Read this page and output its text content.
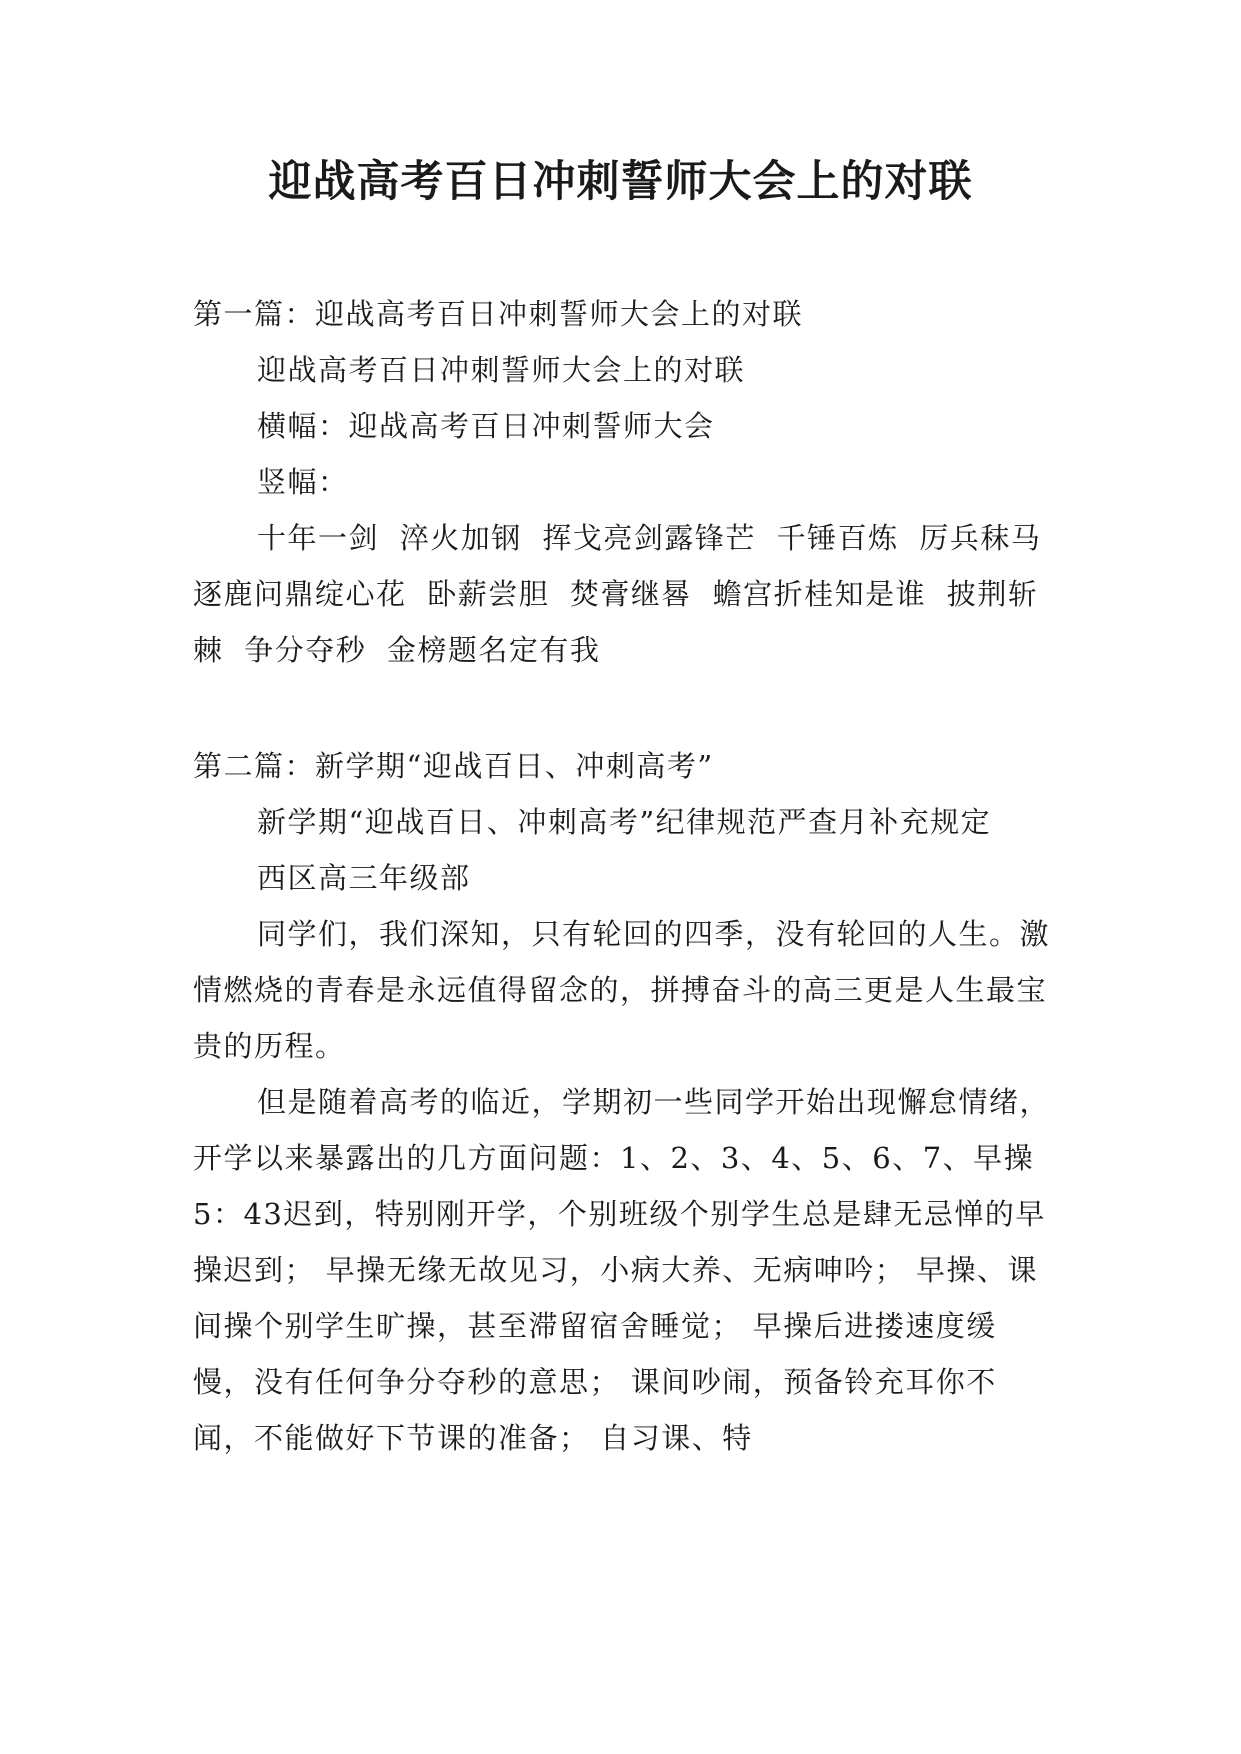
迎战高考百日冲刺誓师大会上的对联

第一篇：迎战高考百日冲刺誓师大会上的对联

迎战高考百日冲刺誓师大会上的对联

横幅：迎战高考百日冲刺誓师大会

竖幅：

十年一剑 淬火加钢 挥戈亮剑露锋芒 千锤百炼 厉兵秣马 逐鹿问鼎绽心花 卧薪尝胆 焚膏继晷 蟾宫折桂知是谁 披荆斩棘 争分夺秒 金榜题名定有我

第二篇：新学期“迎战百日、冲刺高考”

新学期“迎战百日、冲刺高考”纪律规范严查月补充规定

西区高三年级部

同学们，我们深知，只有轮回的四季，没有轮回的人生。激情燃烧的青春是永远值得留念的，拼搏奋斗的高三更是人生最宝贵的历程。

但是随着高考的临近，学期初一些同学开始出现懈怠情绪，开学以来暴露出的几方面问题：1、2、3、4、5、6、7、早操5：43迟到，特别刚开学，个别班级个别学生总是肆无忌惮的早操迟到； 早操无缘无故见习，小病大养、无病呻吟； 早操、课间操个别学生旷操，甚至滞留宿舍睡觉； 早操后进搂速度缓慢，没有任何争分夺秒的意思； 课间吵闹，预备铃充耳你不闻，不能做好下节课的准备； 自习课、特
